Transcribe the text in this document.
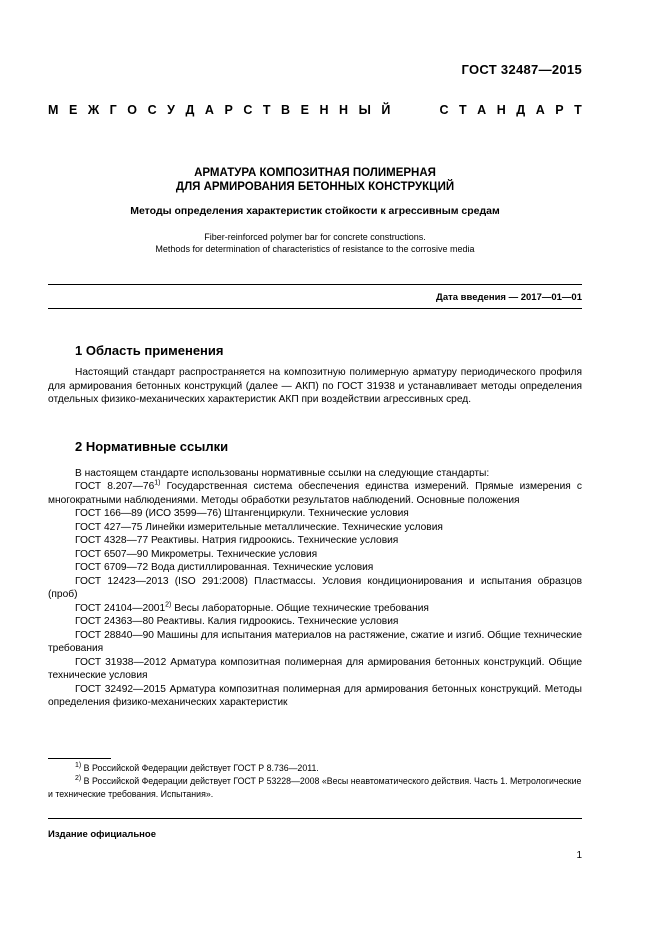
ГОСТ 32487—2015
М Е Ж Г О С У Д А Р С Т В Е Н Н Ы Й	С Т А Н Д А Р Т
АРМАТУРА КОМПОЗИТНАЯ ПОЛИМЕРНАЯ
ДЛЯ АРМИРОВАНИЯ БЕТОННЫХ КОНСТРУКЦИЙ
Методы определения характеристик стойкости к агрессивным средам
Fiber-reinforced polymer bar for concrete constructions.
Methods for determination of characteristics of resistance to the corrosive media
Дата введения — 2017—01—01
1 Область применения
Настоящий стандарт распространяется на композитную полимерную арматуру периодического профиля для армирования бетонных конструкций (далее — АКП) по ГОСТ 31938 и устанавливает методы определения отдельных физико-механических характеристик АКП при воздействии агрессивных сред.
2 Нормативные ссылки
В настоящем стандарте использованы нормативные ссылки на следующие стандарты:
ГОСТ 8.207—76$^{1)}$ Государственная система обеспечения единства измерений. Прямые измерения с многократными наблюдениями. Методы обработки результатов наблюдений. Основные положения
ГОСТ 166—89 (ИСО 3599—76) Штангенциркули. Технические условия
ГОСТ 427—75 Линейки измерительные металлические. Технические условия
ГОСТ 4328—77 Реактивы. Натрия гидроокись. Технические условия
ГОСТ 6507—90 Микрометры. Технические условия
ГОСТ 6709—72 Вода дистиллированная. Технические условия
ГОСТ 12423—2013 (ISO 291:2008) Пластмассы. Условия кондиционирования и испытания образцов (проб)
ГОСТ 24104—2001$^{2)}$ Весы лабораторные. Общие технические требования
ГОСТ 24363—80 Реактивы. Калия гидроокись. Технические условия
ГОСТ 28840—90 Машины для испытания материалов на растяжение, сжатие и изгиб. Общие технические требования
ГОСТ 31938—2012 Арматура композитная полимерная для армирования бетонных конструкций. Общие технические условия
ГОСТ 32492—2015 Арматура композитная полимерная для армирования бетонных конструкций. Методы определения физико-механических характеристик
$^{1)}$ В Российской Федерации действует ГОСТ Р 8.736—2011.
$^{2)}$ В Российской Федерации действует ГОСТ Р 53228—2008 «Весы неавтоматического действия. Часть 1. Метрологические и технические требования. Испытания».
Издание официальное
1
